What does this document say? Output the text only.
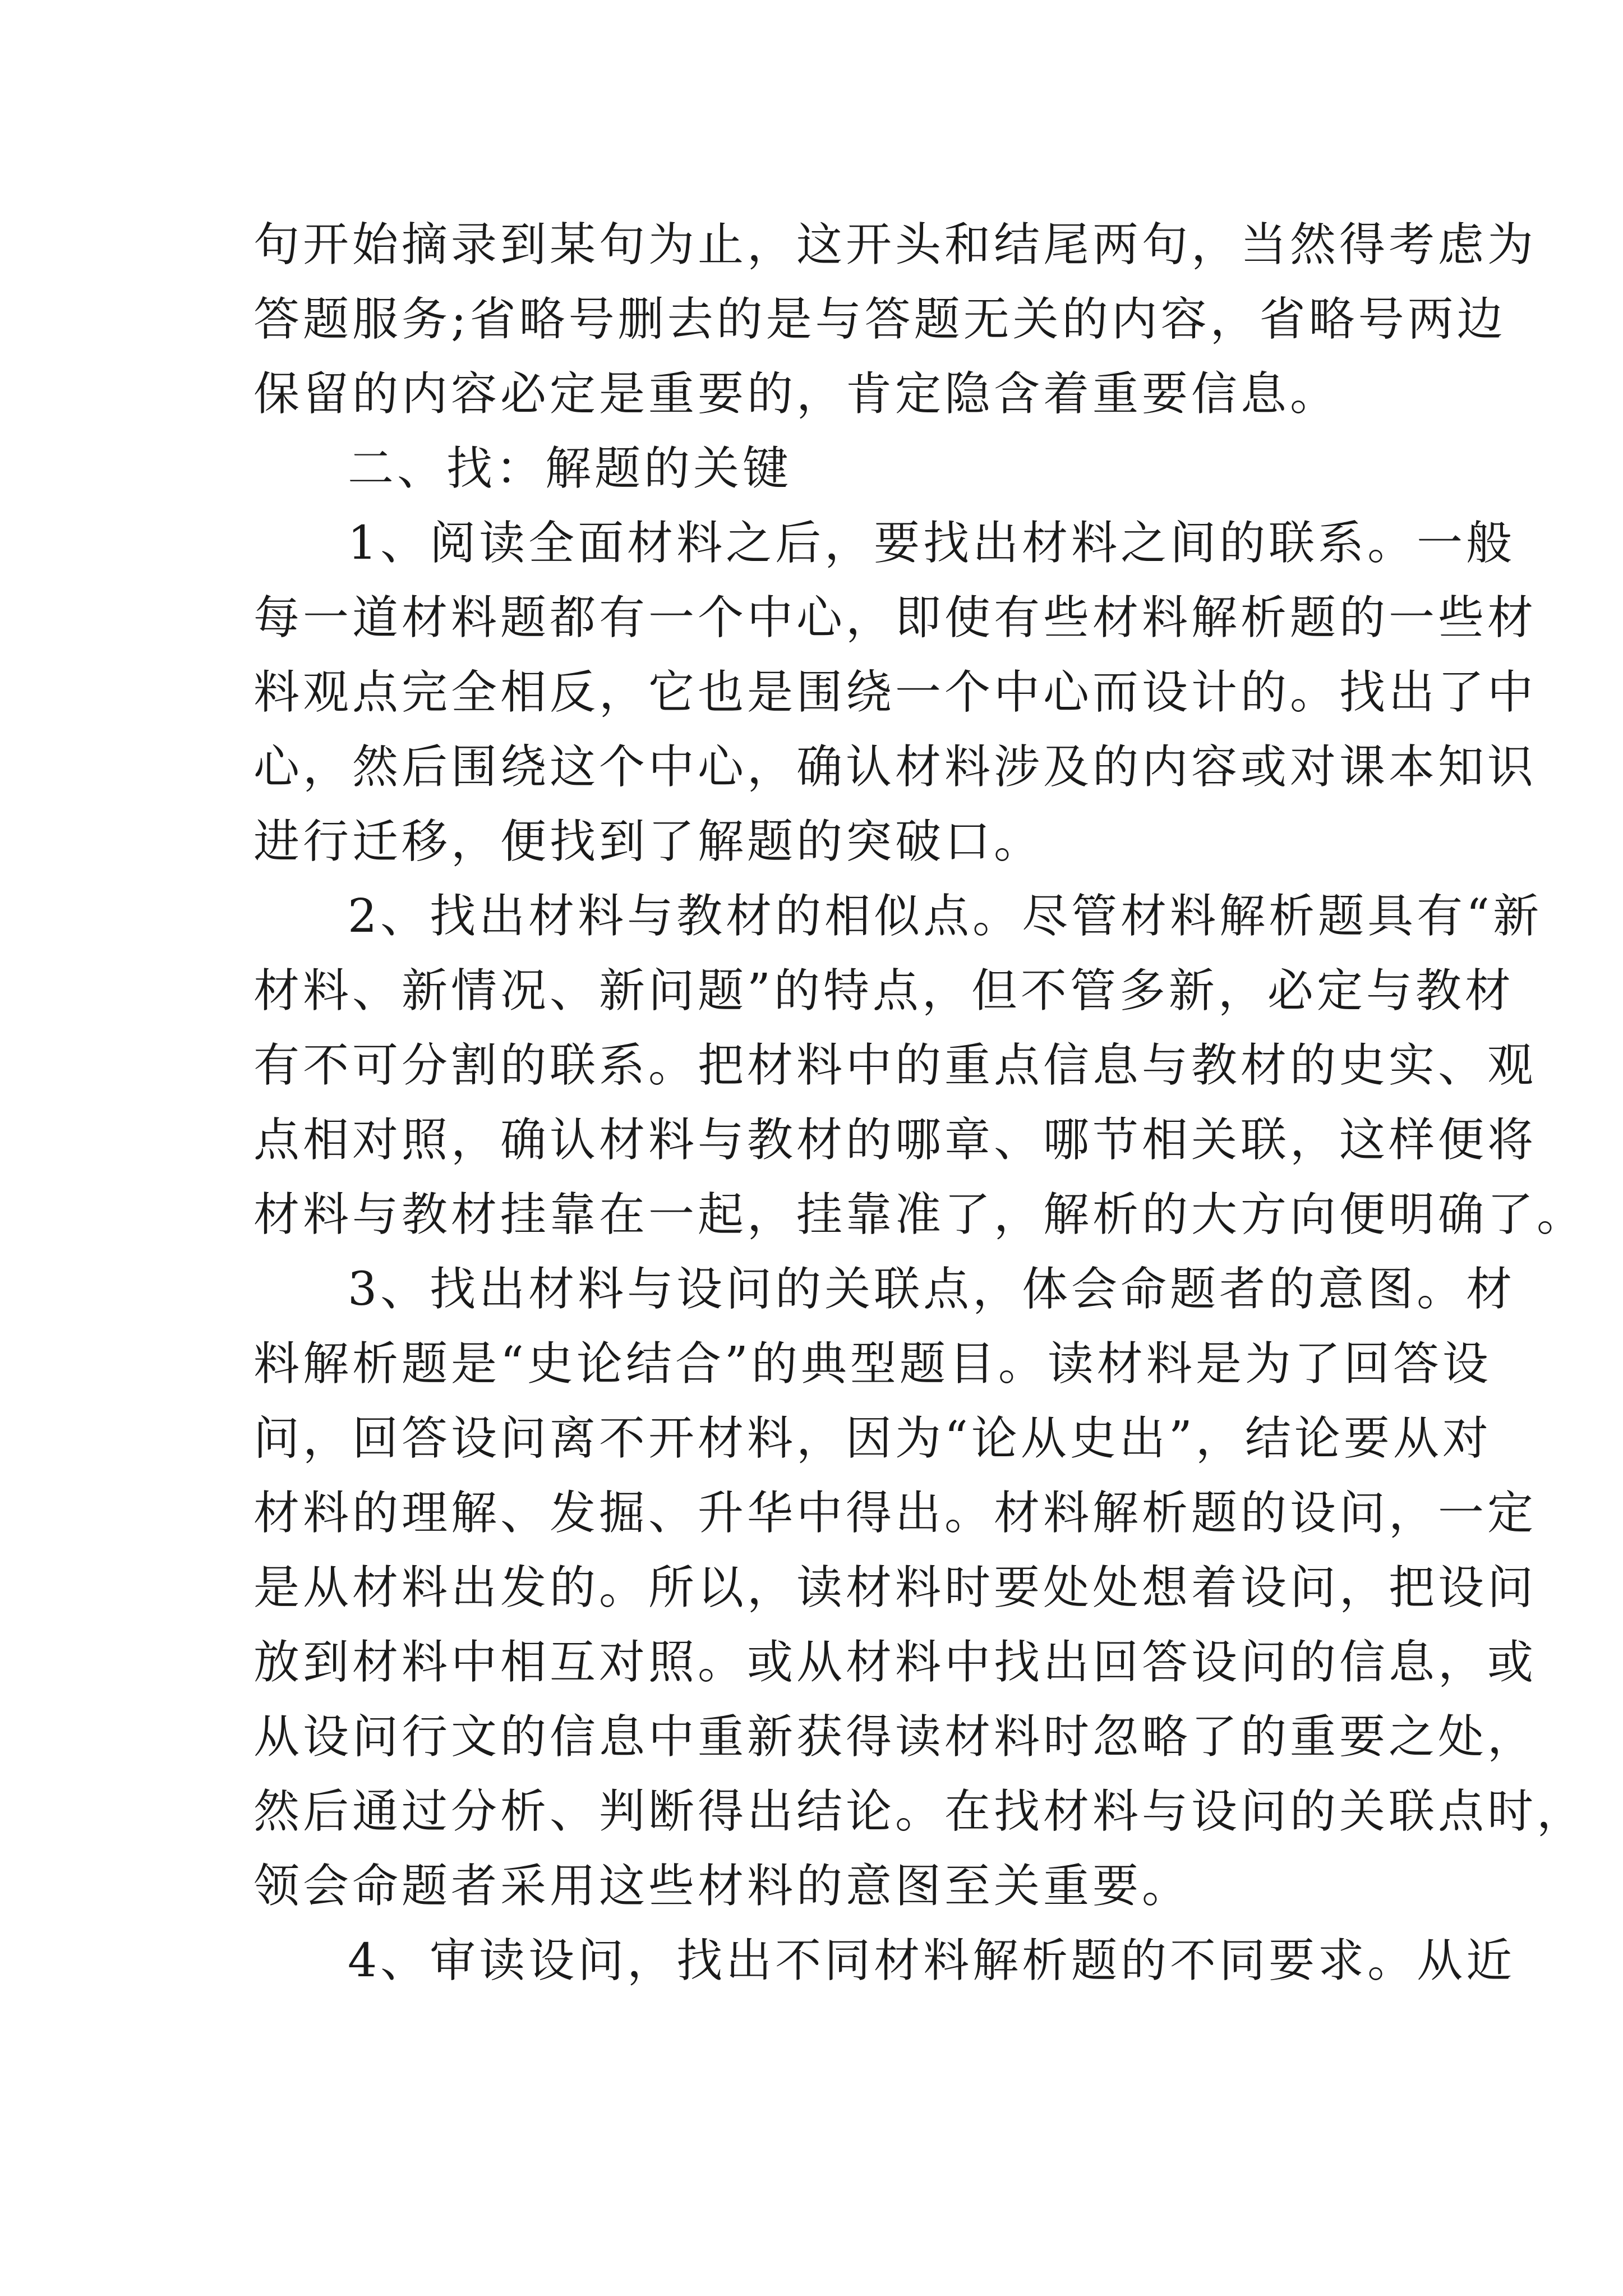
句开始摘录到某句为止，这开头和结尾两句，当然得考虑为
答题服务;省略号删去的是与答题无关的内容，省略号两边
保留的内容必定是重要的，肯定隐含着重要信息。
二、找：解题的关键
1、阅读全面材料之后，要找出材料之间的联系。一般
每一道材料题都有一个中心，即使有些材料解析题的一些材
料观点完全相反，它也是围绕一个中心而设计的。找出了中
心，然后围绕这个中心，确认材料涉及的内容或对课本知识
进行迁移，便找到了解题的突破口。
2、找出材料与教材的相似点。尽管材料解析题具有“新
材料、新情况、新问题”的特点，但不管多新，必定与教材
有不可分割的联系。把材料中的重点信息与教材的史实、观
点相对照，确认材料与教材的哪章、哪节相关联，这样便将
材料与教材挂靠在一起，挂靠准了，解析的大方向便明确了。
3、找出材料与设问的关联点，体会命题者的意图。材
料解析题是“史论结合”的典型题目。读材料是为了回答设
问，回答设问离不开材料，因为“论从史出”，结论要从对
材料的理解、发掘、升华中得出。材料解析题的设问，一定
是从材料出发的。所以，读材料时要处处想着设问，把设问
放到材料中相互对照。或从材料中找出回答设问的信息，或
从设问行文的信息中重新获得读材料时忽略了的重要之处，
然后通过分析、判断得出结论。在找材料与设问的关联点时，
领会命题者采用这些材料的意图至关重要。
4、审读设问，找出不同材料解析题的不同要求。从近
